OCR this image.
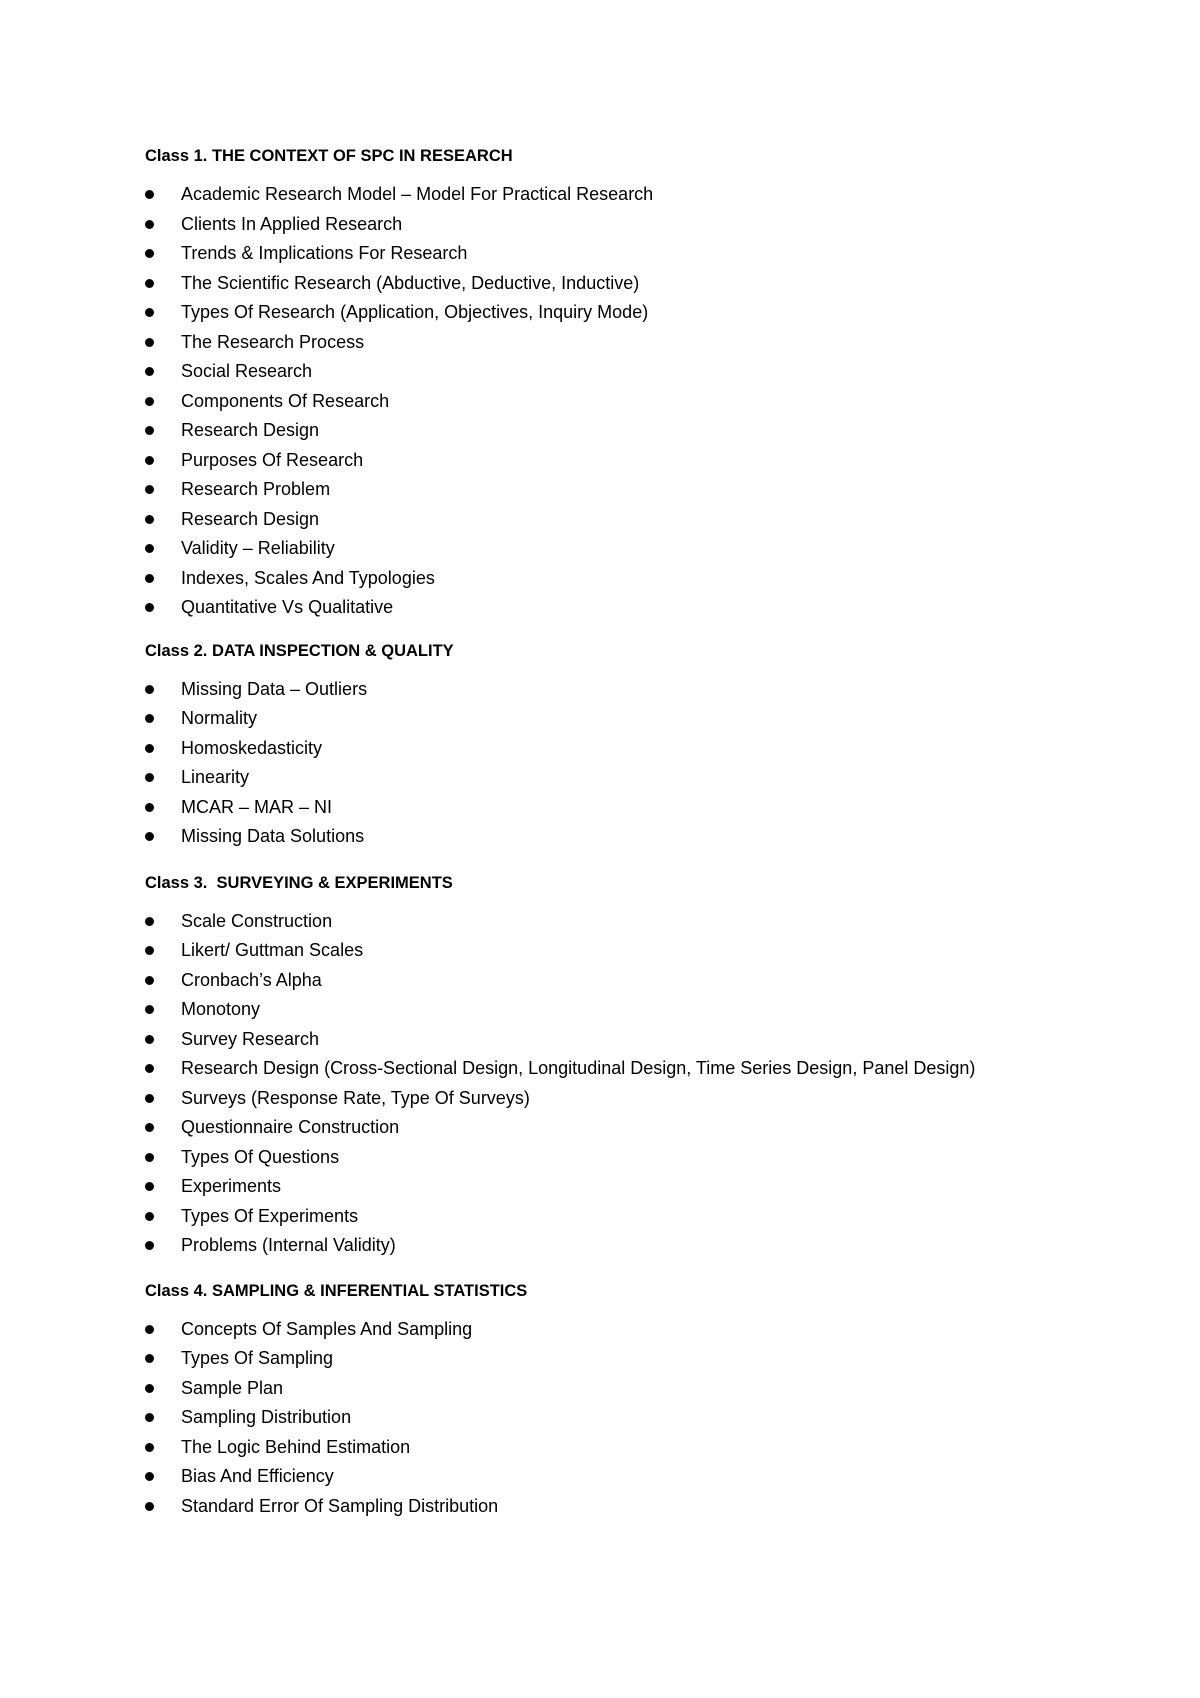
Class 1. THE CONTEXT OF SPC IN RESEARCH
Academic Research Model – Model For Practical Research
Clients In Applied Research
Trends & Implications For Research
The Scientific Research (Abductive, Deductive, Inductive)
Types Of Research (Application, Objectives, Inquiry Mode)
The Research Process
Social Research
Components Of Research
Research Design
Purposes Of Research
Research Problem
Research Design
Validity – Reliability
Indexes, Scales And Typologies
Quantitative Vs Qualitative
Class 2. DATA INSPECTION & QUALITY
Missing Data – Outliers
Normality
Homoskedasticity
Linearity
MCAR – MAR – NI
Missing Data Solutions
Class 3.  SURVEYING & EXPERIMENTS
Scale Construction
Likert/ Guttman Scales
Cronbach’s Alpha
Monotony
Survey Research
Research Design (Cross-Sectional Design, Longitudinal Design, Time Series Design, Panel Design)
Surveys (Response Rate, Type Of Surveys)
Questionnaire Construction
Types Of Questions
Experiments
Types Of Experiments
Problems (Internal Validity)
Class 4. SAMPLING & INFERENTIAL STATISTICS
Concepts Of Samples And Sampling
Types Of Sampling
Sample Plan
Sampling Distribution
The Logic Behind Estimation
Bias And Efficiency
Standard Error Of Sampling Distribution
